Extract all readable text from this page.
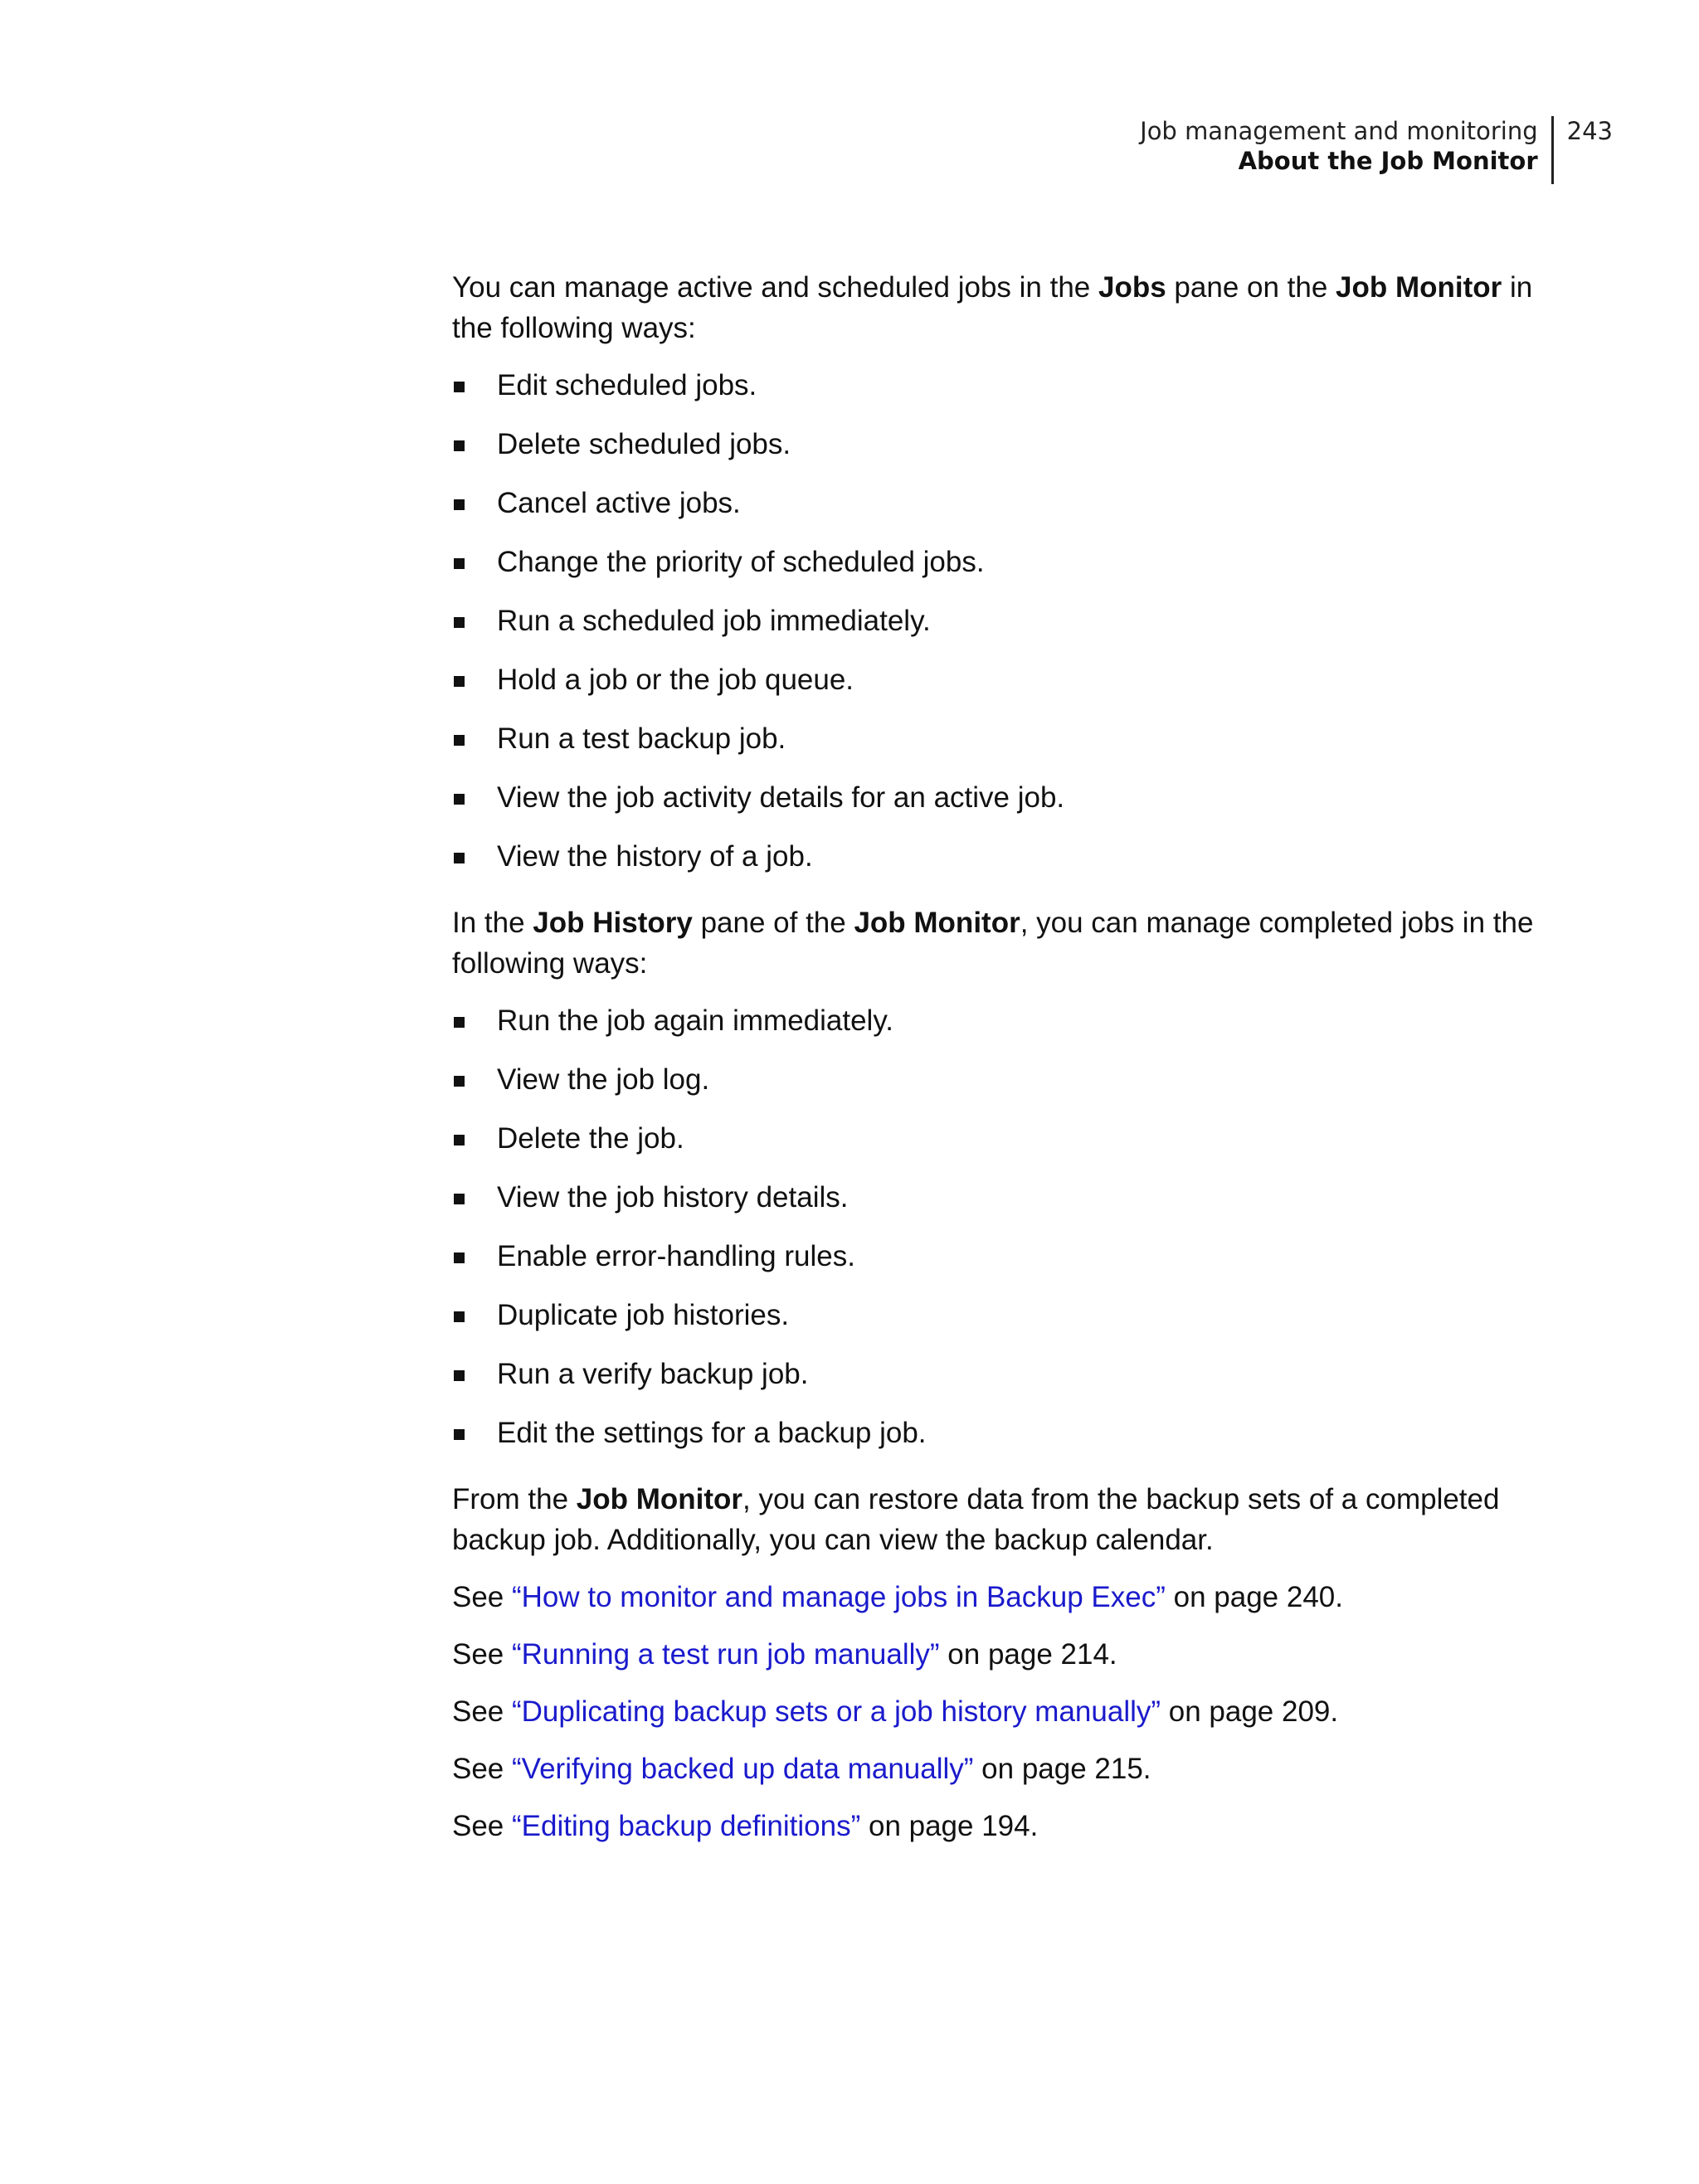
Job management and monitoring
About the Job Monitor
243

You can manage active and scheduled jobs in the Jobs pane on the Job Monitor in the following ways:

Edit scheduled jobs.
Delete scheduled jobs.
Cancel active jobs.
Change the priority of scheduled jobs.
Run a scheduled job immediately.
Hold a job or the job queue.
Run a test backup job.
View the job activity details for an active job.
View the history of a job.

In the Job History pane of the Job Monitor, you can manage completed jobs in the following ways:

Run the job again immediately.
View the job log.
Delete the job.
View the job history details.
Enable error-handling rules.
Duplicate job histories.
Run a verify backup job.
Edit the settings for a backup job.

From the Job Monitor, you can restore data from the backup sets of a completed backup job. Additionally, you can view the backup calendar.

See “How to monitor and manage jobs in Backup Exec” on page 240.

See “Running a test run job manually” on page 214.

See “Duplicating backup sets or a job history manually” on page 209.

See “Verifying backed up data manually” on page 215.

See “Editing backup definitions” on page 194.
